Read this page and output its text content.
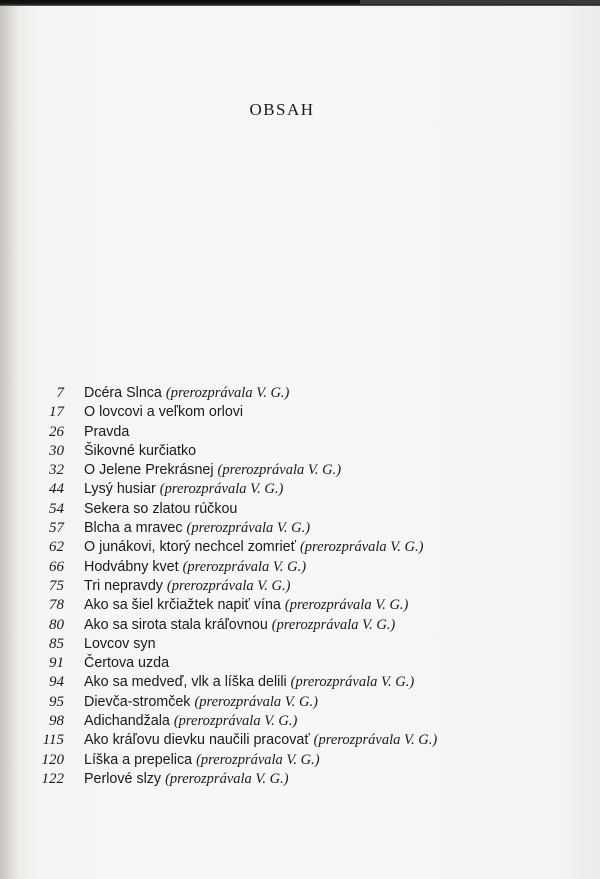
OBSAH
7 Dcéra Slnca (prerozprávala V. G.)
17 O lovcovi a veľkom orlovi
26 Pravda
30 Šikovné kurčiatko
32 O Jelene Prekrásnej (prerozprávala V. G.)
44 Lysý husiar (prerozprávala V. G.)
54 Sekera so zlatou rúčkou
57 Blcha a mravec (prerozprávala V. G.)
62 O junákovi, ktorý nechcel zomrieť (prerozprávala V. G.)
66 Hodvábny kvet (prerozprávala V. G.)
75 Tri nepravdy (prerozprávala V. G.)
78 Ako sa šiel krčiažtek napiť vína (prerozprávala V. G.)
80 Ako sa sirota stala kráľovnou (prerozprávala V. G.)
85 Lovcov syn
91 Čertova uzda
94 Ako sa medveď, vlk a líška delili (prerozprávala V. G.)
95 Dievča-stromček (prerozprávala V. G.)
98 Adichandžala (prerozprávala V. G.)
115 Ako kráľovu dievku naučili pracovať (prerozprávala V. G.)
120 Líška a prepelica (prerozprávala V. G.)
122 Perlové slzy (prerozprávala V. G.)
